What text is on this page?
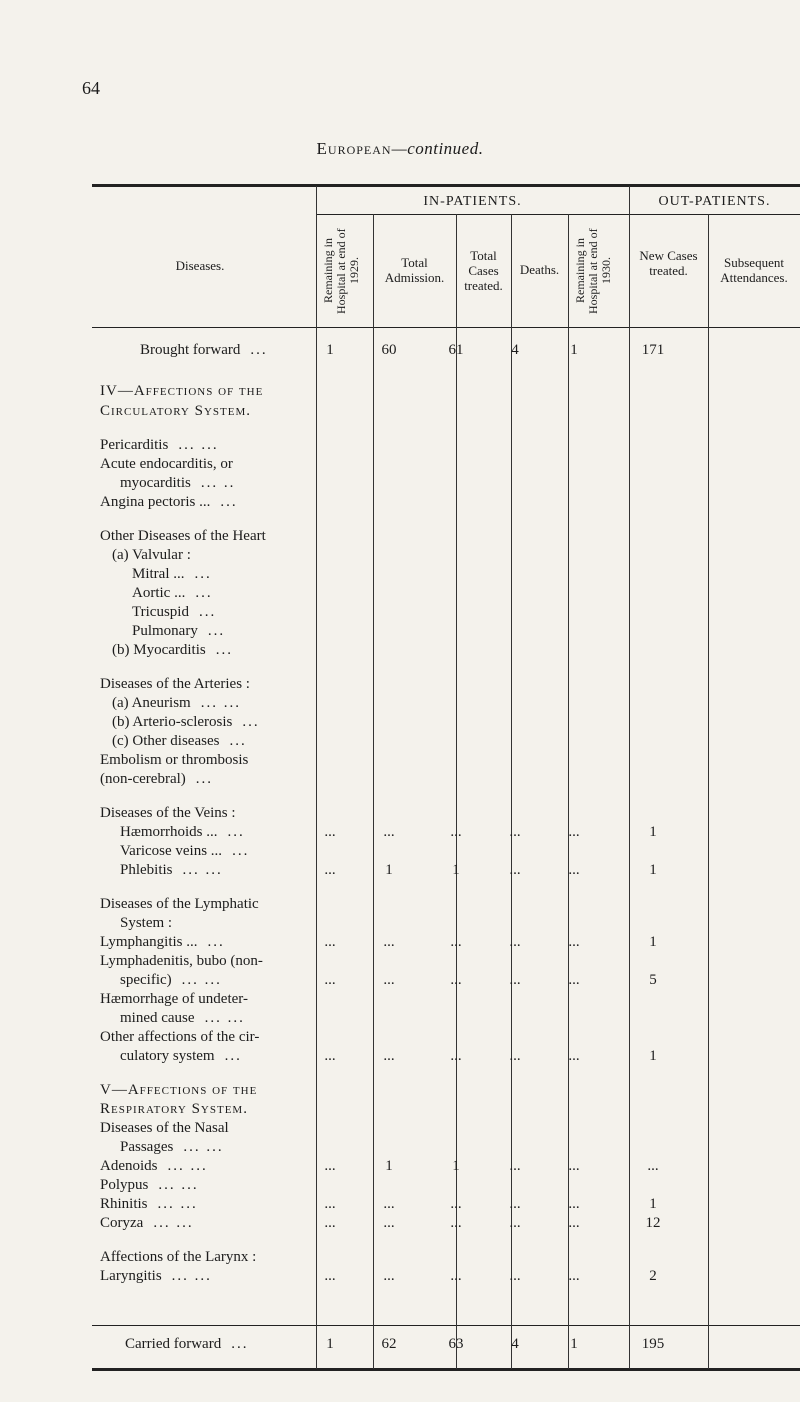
64
European—continued.
Diseases.
IN-PATIENTS.	OUT-PATIENTS.
Remaining in Hospital at end of 1929.	Total Admission.
Total Cases treated.
Deaths.	Remaining in Hospital at end of 1930.
New Cases treated.
Subsequent Attendances.
Brought forward ...	1	60	61	4	1	171
IV—Affections of the
Circulatory System.
Pericarditis ... ...
Acute endocarditis, or
myocarditis ... ..
Angina pectoris ... ...
Other Diseases of the Heart
(a) Valvular :
Mitral ... ...
Aortic ... ...
Tricuspid ...
Pulmonary ...
(b) Myocarditis ...
Diseases of the Arteries :
(a) Aneurism ... ...
(b) Arterio-sclerosis ...
(c) Other diseases ...
Embolism or thrombosis
(non-cerebral) ...
Diseases of the Veins :
Hæmorrhoids ... ...	...	...	...	...	...	1
Varicose veins ... ...
Phlebitis ... ...	...	1	1	...	...	1
Diseases of the Lymphatic
System :
Lymphangitis ... ...	...	...	...	...	...	1
Lymphadenitis, bubo (non-
specific) ... ...	...	...	...	...	...	5
Hæmorrhage of undeter-
mined cause ... ...
Other affections of the cir-
culatory system ...	...	...	...	...	...	1
V—Affections of the
Respiratory System.
Diseases of the Nasal
Passages ... ...
Adenoids ... ...	...	1	1	...	...	...
Polypus ... ...
Rhinitis ... ...	...	...	...	...	...	1
Coryza ... ...	...	...	...	...	...	12
Affections of the Larynx :
Laryngitis ... ...	...	...	...	...	...	2
Carried forward ...	1	62	63	4	1	195
